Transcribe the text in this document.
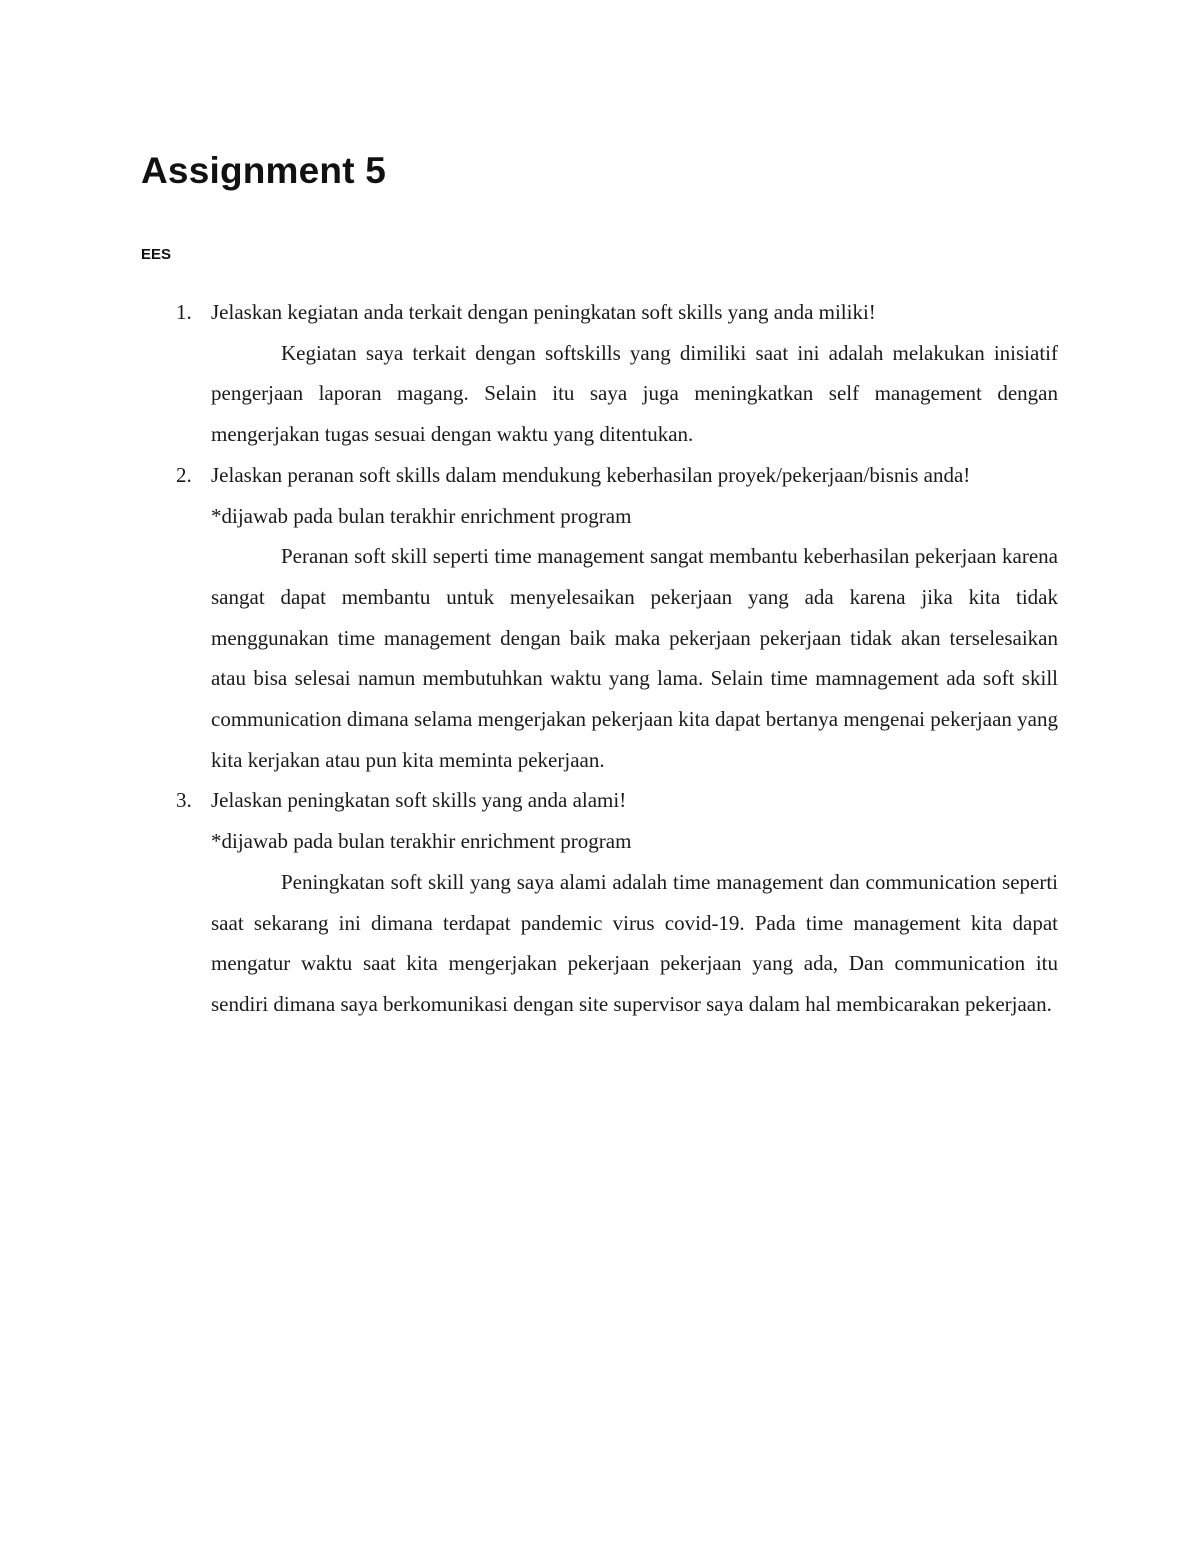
Assignment 5
EES
1. Jelaskan kegiatan anda terkait dengan peningkatan soft skills yang anda miliki!

Kegiatan saya terkait dengan softskills yang dimiliki saat ini adalah melakukan inisiatif pengerjaan laporan magang. Selain itu saya juga meningkatkan self management dengan mengerjakan tugas sesuai dengan waktu yang ditentukan.

2. Jelaskan peranan soft skills dalam mendukung keberhasilan proyek/pekerjaan/bisnis anda!

*dijawab pada bulan terakhir enrichment program

Peranan soft skill seperti time management sangat membantu keberhasilan pekerjaan karena sangat dapat membantu untuk menyelesaikan pekerjaan yang ada karena jika kita tidak menggunakan time management dengan baik maka pekerjaan pekerjaan tidak akan terselesaikan atau bisa selesai namun membutuhkan waktu yang lama. Selain time mamnagement ada soft skill communication dimana selama mengerjakan pekerjaan kita dapat bertanya mengenai pekerjaan yang kita kerjakan atau pun kita meminta pekerjaan.

3. Jelaskan peningkatan soft skills yang anda alami!

*dijawab pada bulan terakhir enrichment program

Peningkatan soft skill yang saya alami adalah time management dan communication seperti saat sekarang ini dimana terdapat pandemic virus covid-19. Pada time management kita dapat mengatur waktu saat kita mengerjakan pekerjaan pekerjaan yang ada, Dan communication itu sendiri dimana saya berkomunikasi dengan site supervisor saya dalam hal membicarakan pekerjaan.
